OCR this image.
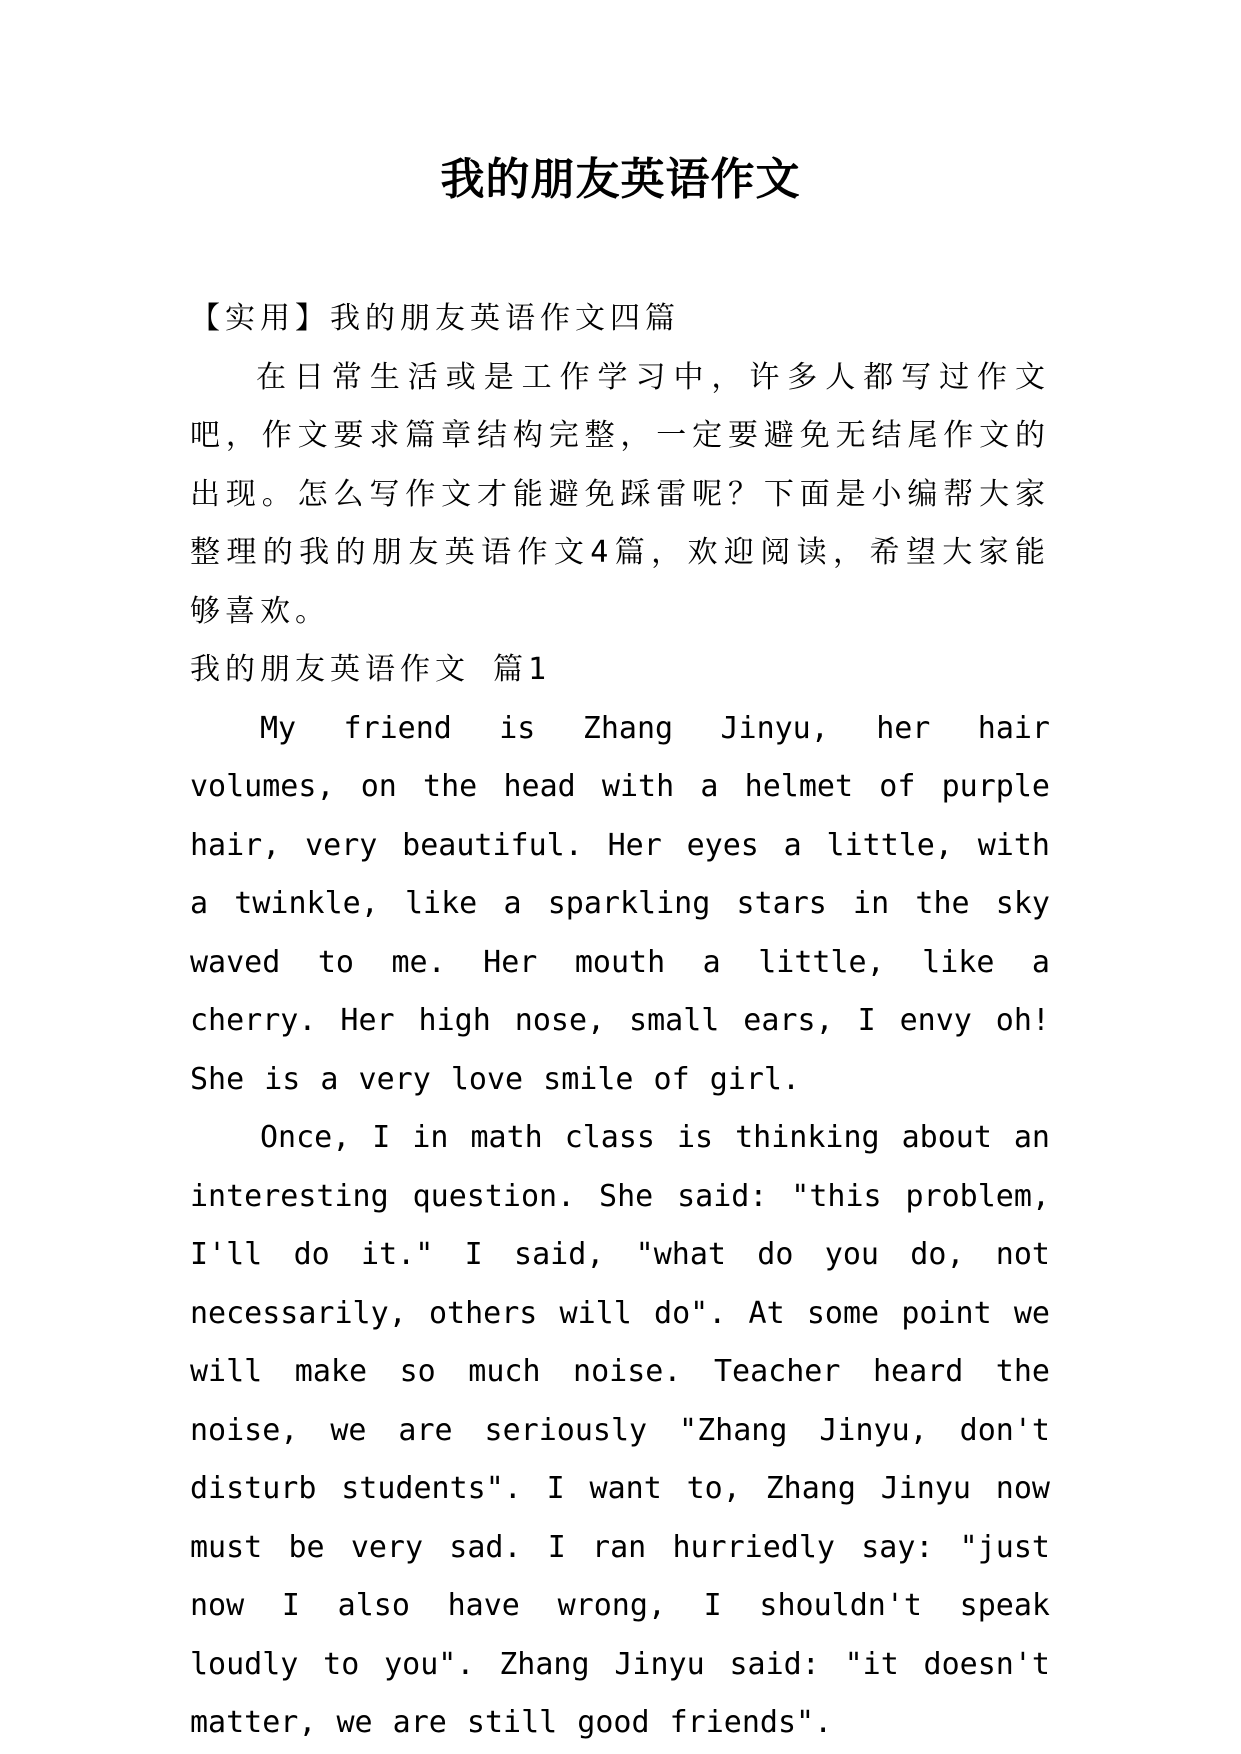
我的朋友英语作文

【实用】我的朋友英语作文四篇

在日常生活或是工作学习中，许多人都写过作文吧，作文要求篇章结构完整，一定要避免无结尾作文的出现。怎么写作文才能避免踩雷呢？下面是小编帮大家整理的我的朋友英语作文4篇，欢迎阅读，希望大家能够喜欢。

我的朋友英语作文 篇1

My friend is Zhang Jinyu, her hair volumes, on the head with a helmet of purple hair, very beautiful. Her eyes a little, with a twinkle, like a sparkling stars in the sky waved to me. Her mouth a little, like a cherry. Her high nose, small ears, I envy oh! She is a very love smile of girl.

Once, I in math class is thinking about an interesting question. She said: "this problem, I'll do it." I said, "what do you do, not necessarily, others will do". At some point we will make so much noise. Teacher heard the noise, we are seriously "Zhang Jinyu, don't disturb students". I want to, Zhang Jinyu now must be very sad. I ran hurriedly say: "just now I also have wrong, I shouldn't speak loudly to you". Zhang Jinyu said: "it doesn't matter, we are still good friends".
